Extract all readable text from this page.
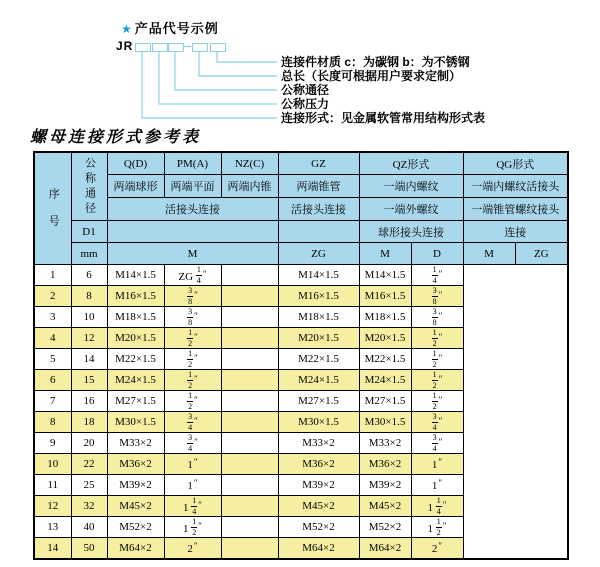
★ 产品代号示例
JR
连接件材质 c：为碳钢 b：为不锈钢
总长（长度可根据用户要求定制）
公称通径
公称压力
连接形式：见金属软管常用结构形式表
螺母连接形式参考表
序号	公称通径	Q(D)	PM(A)	NZ(C)	GZ	QZ形式		QG形式	
		两端球形	两端平面	两端内锥	两端锥管	一端内螺纹		一端内螺纹活接头	
		活接头连接			活接头连接	一端外螺纹		一端锥管螺纹接头	
	D1					球形接头连接		连接	
	mm	M			ZG	M	D	M	ZG
1	6	M14×1.5	ZG $\frac{1}{4} ''$		M14×1.5	M14×1.5	$\frac{1}{4} ''$
2	8	M16×1.5	$\frac{3}{8} ''$		M16×1.5	M16×1.5	$\frac{3}{8} ''$
3	10	M18×1.5	$\frac{3}{8} ''$		M18×1.5	M18×1.5	$\frac{3}{8} ''$
4	12	M20×1.5	$\frac{1}{2} ''$		M20×1.5	M20×1.5	$\frac{1}{2} ''$
5	14	M22×1.5	$\frac{1}{2} ''$		M22×1.5	M22×1.5	$\frac{1}{2} ''$
6	15	M24×1.5	$\frac{1}{2} ''$		M24×1.5	M24×1.5	$\frac{1}{2} ''$
7	16	M27×1.5	$\frac{1}{2} ''$		M27×1.5	M27×1.5	$\frac{1}{2} ''$
8	18	M30×1.5	$\frac{3}{4} ''$		M30×1.5	M30×1.5	$\frac{3}{4} ''$
9	20	M33×2	$\frac{3}{4} ''$		M33×2	M33×2	$\frac{3}{4} ''$
10	22	M36×2	1″		M36×2	M36×2	1″
11	25	M39×2	1″		M39×2	M39×2	1″
12	32	M45×2	$1 \frac{1}{4} ''$		M45×2	M45×2	$1 \frac{1}{4} ''$
13	40	M52×2	$1 \frac{1}{2} ''$		M52×2	M52×2	$1 \frac{1}{2} ''$
14	50	M64×2	2″		M64×2	M64×2	2″
